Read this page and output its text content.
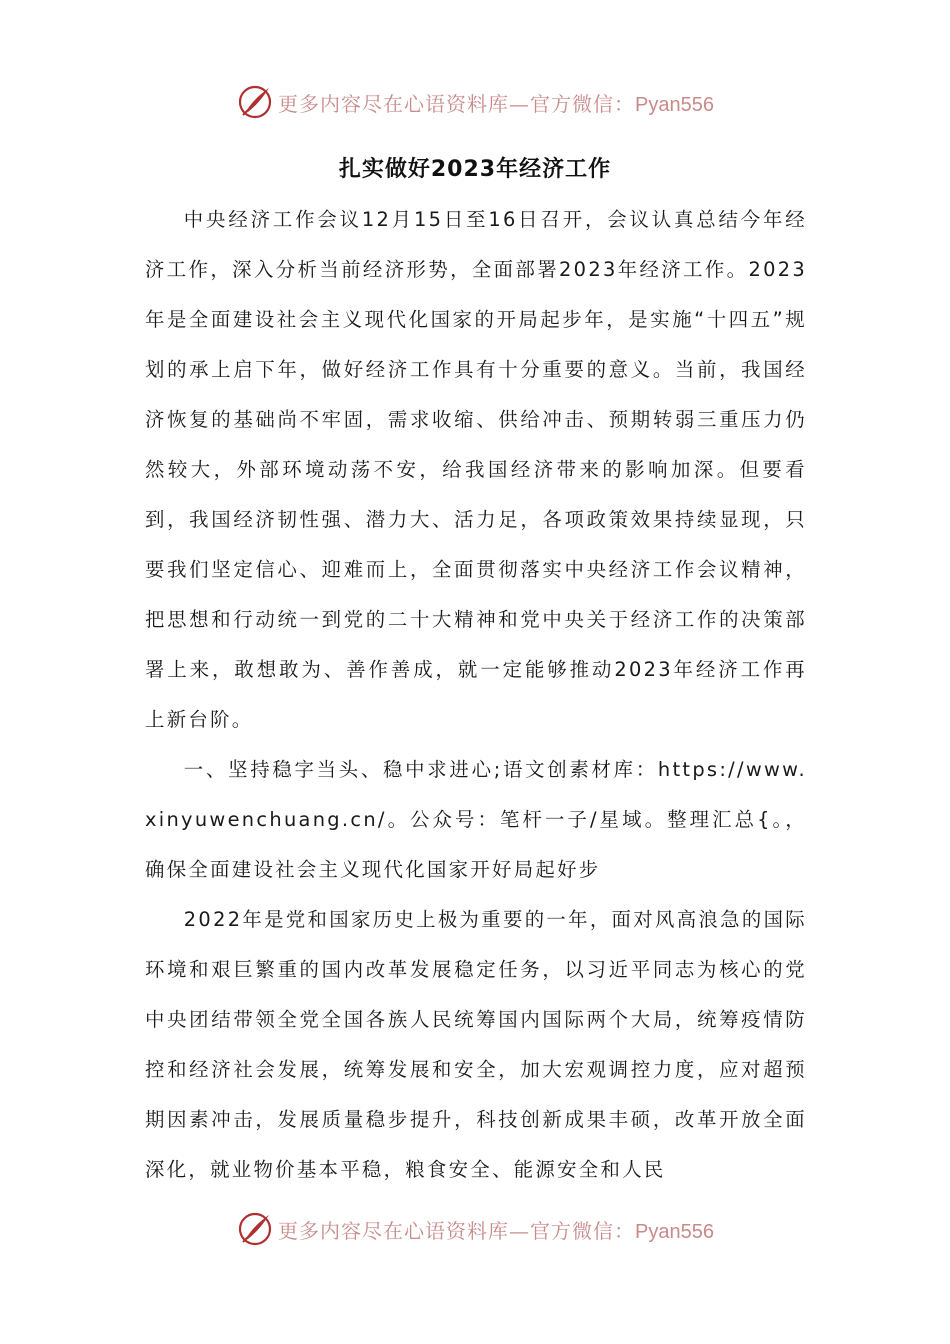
更多内容尽在心语资料库—官方微信：Pyan556
扎实做好2023年经济工作

中央经济工作会议12月15日至16日召开，会议认真总结今年经济工作，深入分析当前经济形势，全面部署2023年经济工作。2023年是全面建设社会主义现代化国家的开局起步年，是实施“十四五”规划的承上启下年，做好经济工作具有十分重要的意义。当前，我国经济恢复的基础尚不牢固，需求收缩、供给冲击、预期转弱三重压力仍然较大，外部环境动荡不安，给我国经济带来的影响加深。但要看到，我国经济韧性强、潜力大、活力足，各项政策效果持续显现，只要我们坚定信心、迎难而上，全面贯彻落实中央经济工作会议精神，把思想和行动统一到党的二十大精神和党中央关于经济工作的决策部署上来，敢想敢为、善作善成，就一定能够推动2023年经济工作再上新台阶。

一、坚持稳字当头、稳中求进心;语文创素材库：https://www.xinyuwenchuang.cn/。公众号：笔杆一子/星域。整理汇总{。，确保全面建设社会主义现代化国家开好局起好步

2022年是党和国家历史上极为重要的一年，面对风高浪急的国际环境和艰巨繁重的国内改革发展稳定任务，以习近平同志为核心的党中央团结带领全党全国各族人民统筹国内国际两个大局，统筹疫情防控和经济社会发展，统筹发展和安全，加大宏观调控力度，应对超预期因素冲击，发展质量稳步提升，科技创新成果丰硕，改革开放全面深化，就业物价基本平稳，粮食安全、能源安全和人民

更多内容尽在心语资料库—官方微信：Pyan556
